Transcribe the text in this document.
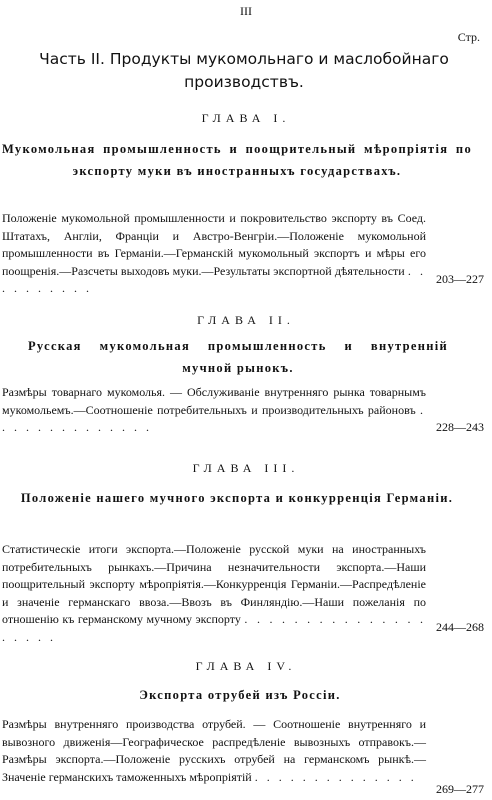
III
Стр.
Часть II. Продукты мукомольнаго и маслобойнаго производствъ.
ГЛАВА I.

Мукомольная промышленность и поощрительный мѣропріятія по экспорту муки въ иностранныхъ государствахъ.

Положеніе мукомольной промышленности и покровительство экспорту въ Соед. Штатахъ, Англіи, Франціи и Австро-Венгріи.—Положеніе мукомольной промышленности въ Германіи.—Германскій мукомольный экспортъ и мѣры его поощренія.—Разсчеты выходовъ муки.—Результаты экспортной дѣятельности . . . . . . . . . .

203—227
ГЛАВА II.

Русская мукомольная промышленность и внутренній мучной рынокъ.

Размѣры товарнаго мукомолья. — Обслуживаніе внутренняго рынка товарнымъ мукомольемъ.—Соотношеніе потребительныхъ и производительныхъ районовъ . . . . . . . . . . . . . .	228—243
ГЛАВА III.

Положеніе нашего мучного экспорта и конкурренція Германіи.

Статистическіе итоги экспорта.—Положеніе русской муки на иностранныхъ потребительныхъ рынкахъ.—Причина незначительности экспорта.—Наши поощрительный экспорту мѣропріятія.—Конкурренція Германіи.—Распредѣленіе и значеніе германскаго ввоза.—Ввозъ въ Финляндію.—Наши пожеланія по отношенію къ германскому мучному экспорту . . . . . . . . . . . . . . . . . . . .

244—268
ГЛАВА IV.

Экспорта отрубей изъ Россіи.

Размѣры внутренняго производства отрубей. — Соотношеніе внутренняго и вывозного движенія—Географическое распредѣленіе вывозныхъ отправокъ.—Размѣры экспорта.—Положеніе русскихъ отрубей на германскомъ рынкѣ.—Значеніе германскихъ таможенныхъ мѣропріятій . . . . . . . . . . . . . .

269—277
